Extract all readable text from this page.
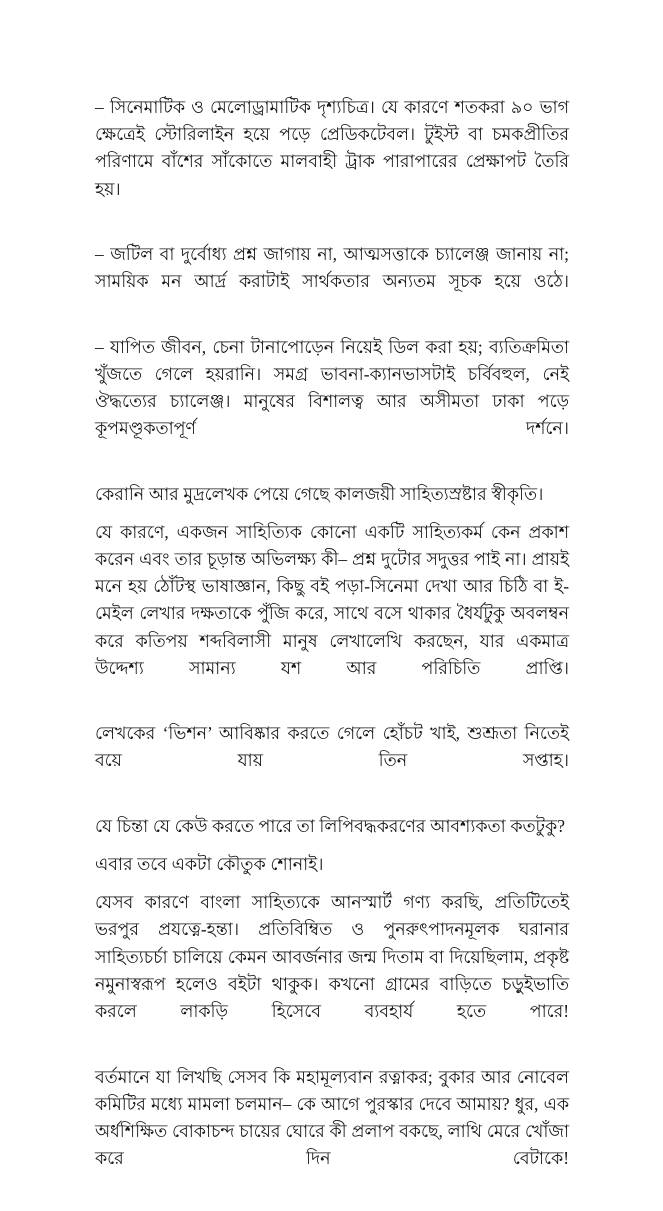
– সিনেমাটিক ও মেলোড্রামাটিক দৃশ্যচিত্র। যে কারণে শতকরা ৯০ ভাগ ক্ষেত্রেই স্টোরিলাইন হয়ে পড়ে প্রেডিকটেবল। টুইস্ট বা চমকপ্রীতির পরিণামে বাঁশের সাঁকোতে মালবাহী ট্রাক পারাপারের প্রেক্ষাপট তৈরি হয়।

– জটিল বা দুর্বোধ্য প্রশ্ন জাগায় না, আত্মসত্তাকে চ্যালেঞ্জ জানায় না; সাময়িক মন আর্দ্র করাটাই সার্থকতার অন্যতম সূচক হয়ে ওঠে।

– যাপিত জীবন, চেনা টানাপোড়েন নিয়েই ডিল করা হয়; ব্যতিক্রমিতা খুঁজতে গেলে হয়রানি। সমগ্র ভাবনা-ক্যানভাসটাই চর্বিবহুল, নেই ঔদ্ধত্যের চ্যালেঞ্জ। মানুষের বিশালত্ব আর অসীমতা ঢাকা পড়ে কূপমণ্ডূকতাপূর্ণ দর্শনে।

কেরানি আর মুদ্রলেখক পেয়ে গেছে কালজয়ী সাহিত্যস্রষ্টার স্বীকৃতি।

যে কারণে, একজন সাহিত্যিক কোনো একটি সাহিত্যকর্ম কেন প্রকাশ করেন এবং তার চূড়ান্ত অভিলক্ষ্য কী– প্রশ্ন দুটোর সদুত্তর পাই না। প্রায়ই মনে হয় ঠোঁটস্থ ভাষাজ্ঞান, কিছু বই পড়া-সিনেমা দেখা আর চিঠি বা ই-মেইল লেখার দক্ষতাকে পুঁজি করে, সাথে বসে থাকার ধৈর্যটুকু অবলম্বন করে কতিপয় শব্দবিলাসী মানুষ লেখালেখি করছেন, যার একমাত্র উদ্দেশ্য সামান্য যশ আর পরিচিতি প্রাপ্তি।

লেখকের ‘ভিশন’ আবিষ্কার করতে গেলে হোঁচট খাই, শুশ্রূতা নিতেই বয়ে যায় তিন সপ্তাহ।

যে চিন্তা যে কেউ করতে পারে তা লিপিবদ্ধকরণের আবশ্যকতা কতটুকু?

এবার তবে একটা কৌতুক শোনাই।

যেসব কারণে বাংলা সাহিত্যকে আনস্মার্ট গণ্য করছি, প্রতিটিতেই ভরপুর প্রযত্নে-হন্তা। প্রতিবিম্বিত ও পুনরুৎপাদনমূলক ঘরানার সাহিত্যচর্চা চালিয়ে কেমন আবর্জনার জন্ম দিতাম বা দিয়েছিলাম, প্রকৃষ্ট নমুনাস্বরূপ হলেও বইটা থাকুক। কখনো গ্রামের বাড়িতে চড়ুইভাতি করলে লাকড়ি হিসেবে ব্যবহার্য হতে পারে!

বর্তমানে যা লিখছি সেসব কি মহামূল্যবান রত্নাকর; বুকার আর নোবেল কমিটির মধ্যে মামলা চলমান– কে আগে পুরস্কার দেবে আমায়? ধুর, এক অর্ধশিক্ষিত বোকাচন্দ চায়ের ঘোরে কী প্রলাপ বকছে, লাথি মেরে খোঁজা করে দিন বেটাকে!
